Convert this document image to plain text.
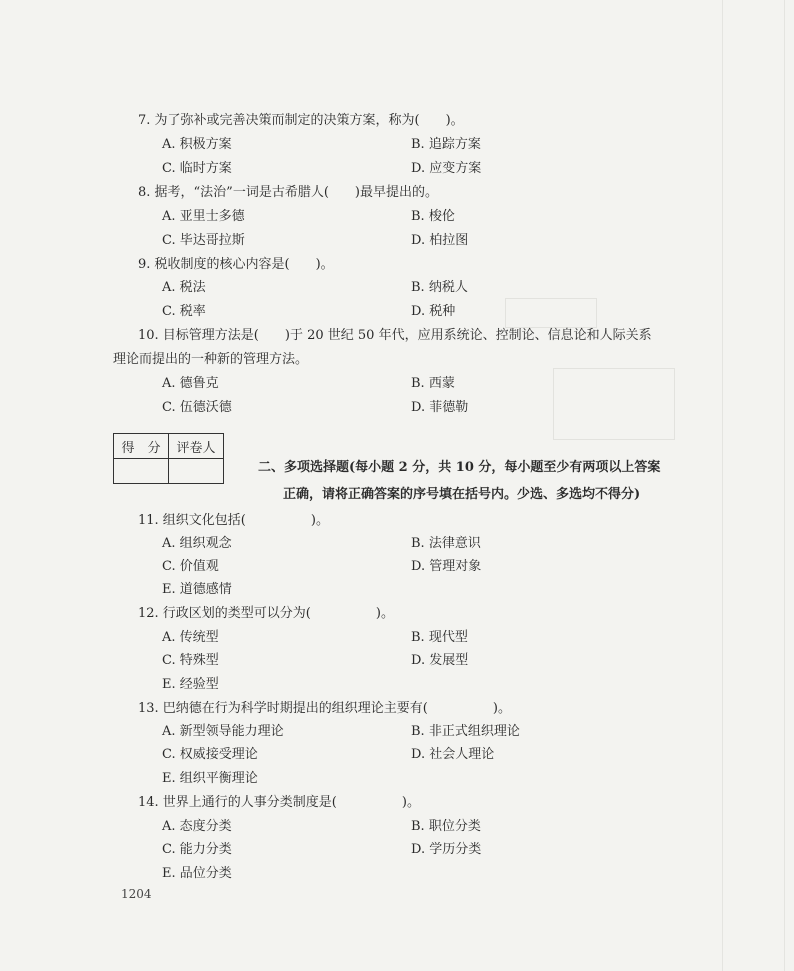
7. 为了弥补或完善决策而制定的决策方案，称为(　　)。
A. 积极方案	B. 追踪方案
C. 临时方案	D. 应变方案
8. 据考，“法治”一词是古希腊人(　　)最早提出的。
A. 亚里士多德	B. 梭伦
C. 毕达哥拉斯	D. 柏拉图
9. 税收制度的核心内容是(　　)。
A. 税法	B. 纳税人
C. 税率	D. 税种
10. 目标管理方法是(　　)于 20 世纪 50 年代，应用系统论、控制论、信息论和人际关系
理论而提出的一种新的管理方法。
A. 德鲁克	B. 西蒙
C. 伍德沃德	D. 菲德勒
得　分	评卷人

二、多项选择题(每小题 2 分，共 10 分，每小题至少有两项以上答案
正确，请将正确答案的序号填在括号内。少选、多选均不得分)
11. 组织文化包括(　　　　　)。
A. 组织观念	B. 法律意识
C. 价值观	D. 管理对象
E. 道德感情
12. 行政区划的类型可以分为(　　　　　)。
A. 传统型	B. 现代型
C. 特殊型	D. 发展型
E. 经验型
13. 巴纳德在行为科学时期提出的组织理论主要有(　　　　　)。
A. 新型领导能力理论	B. 非正式组织理论
C. 权威接受理论	D. 社会人理论
E. 组织平衡理论
14. 世界上通行的人事分类制度是(　　　　　)。
A. 态度分类	B. 职位分类
C. 能力分类	D. 学历分类
E. 品位分类
1204
